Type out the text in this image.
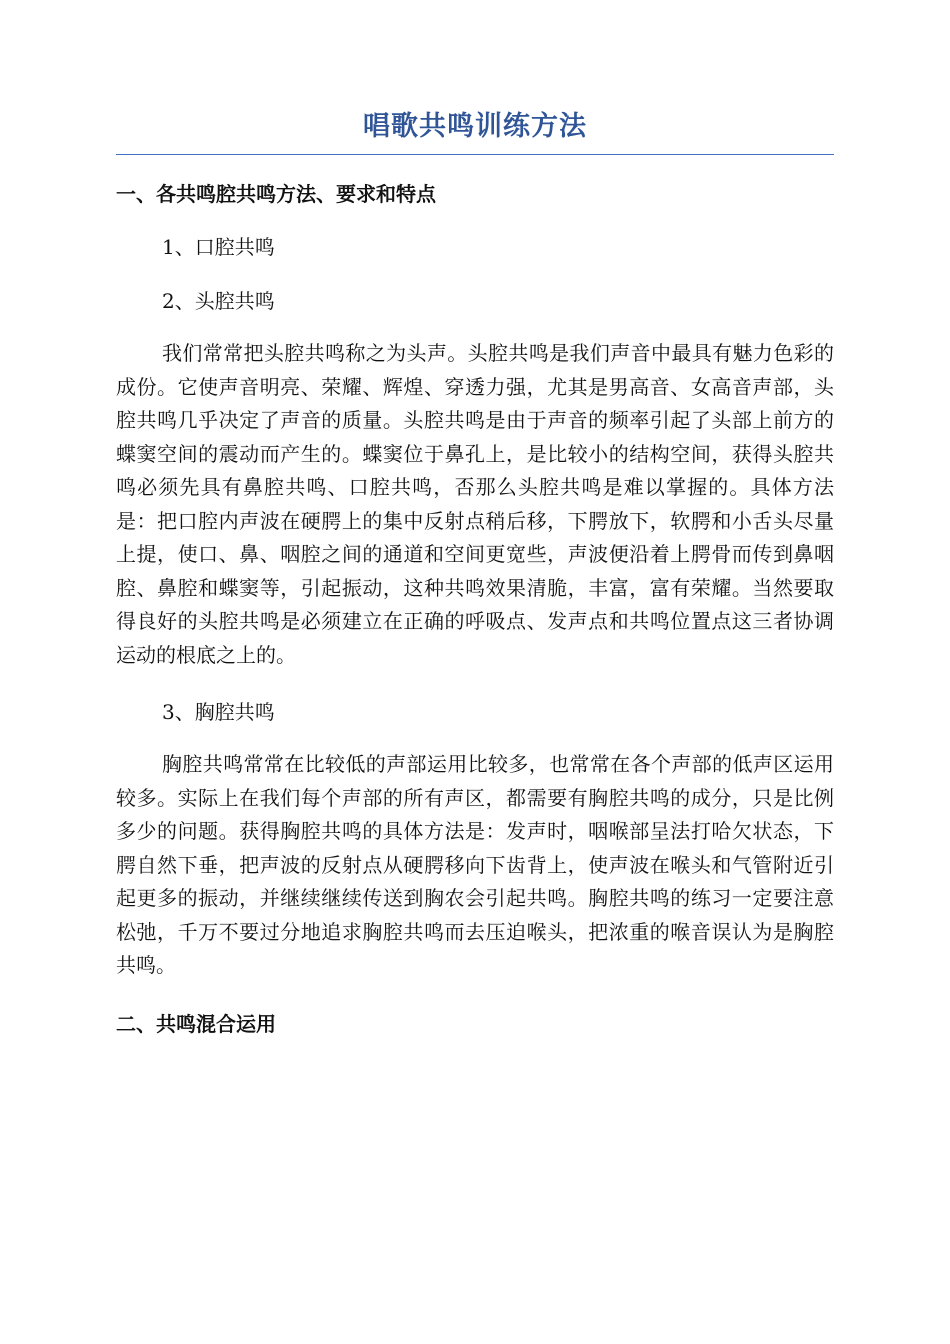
唱歌共鸣训练方法
一、各共鸣腔共鸣方法、要求和特点

1、口腔共鸣

2、头腔共鸣

我们常常把头腔共鸣称之为头声。头腔共鸣是我们声音中最具有魅力色彩的成份。它使声音明亮、荣耀、辉煌、穿透力强，尤其是男高音、女高音声部，头腔共鸣几乎决定了声音的质量。头腔共鸣是由于声音的频率引起了头部上前方的蝶窦空间的震动而产生的。蝶窦位于鼻孔上，是比较小的结构空间，获得头腔共鸣必须先具有鼻腔共鸣、口腔共鸣，否那么头腔共鸣是难以掌握的。具体方法是：把口腔内声波在硬腭上的集中反射点稍后移，下腭放下，软腭和小舌头尽量上提，使口、鼻、咽腔之间的通道和空间更宽些，声波便沿着上腭骨而传到鼻咽腔、鼻腔和蝶窦等，引起振动，这种共鸣效果清脆，丰富，富有荣耀。当然要取得良好的头腔共鸣是必须建立在正确的呼吸点、发声点和共鸣位置点这三者协调运动的根底之上的。

3、胸腔共鸣

胸腔共鸣常常在比较低的声部运用比较多，也常常在各个声部的低声区运用较多。实际上在我们每个声部的所有声区，都需要有胸腔共鸣的成分，只是比例多少的问题。获得胸腔共鸣的具体方法是：发声时，咽喉部呈法打哈欠状态，下腭自然下垂，把声波的反射点从硬腭移向下齿背上，使声波在喉头和气管附近引起更多的振动，并继续继续传送到胸农会引起共鸣。胸腔共鸣的练习一定要注意松弛，千万不要过分地追求胸腔共鸣而去压迫喉头，把浓重的喉音误认为是胸腔共鸣。

二、共鸣混合运用
